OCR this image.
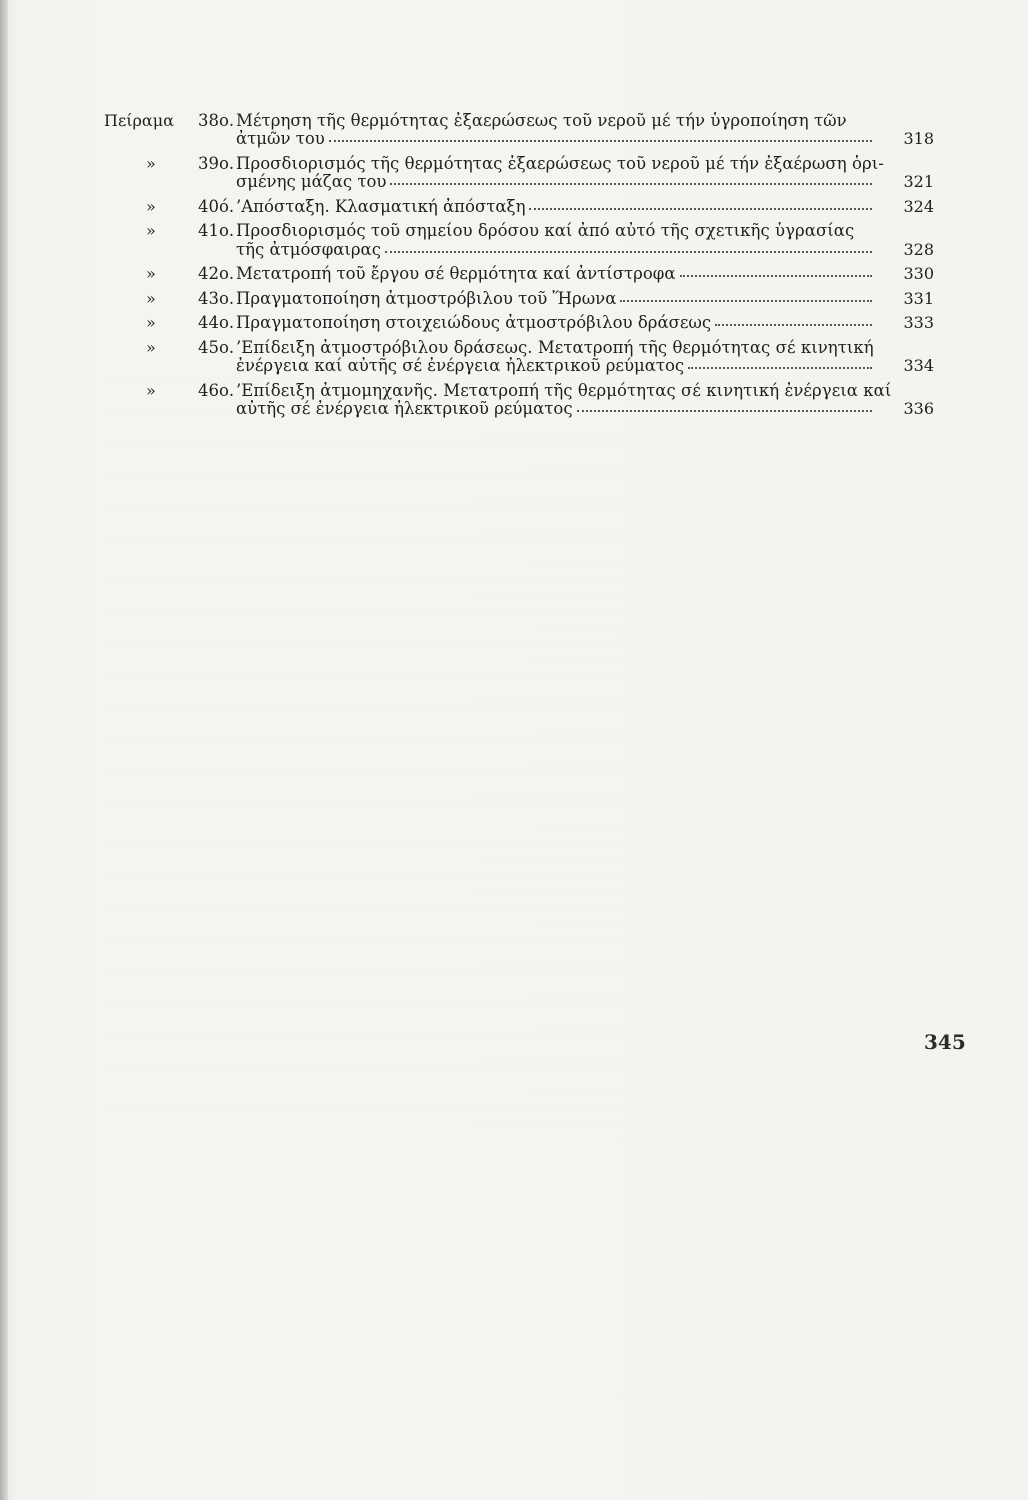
Πείραμα	38ο. Μέτρηση τῆς θερμότητας ἐξαερώσεως τοῦ νεροῦ μέ τήν ὑγροποίηση τῶν
ἀτμῶν του	318
»	39ο. Προσδιορισμός τῆς θερμότητας ἐξαερώσεως τοῦ νεροῦ μέ τήν ἐξαέρωση ὁρι-
σμένης μάζας του	321
»	40ό. ’Απόσταξη. Κλασματική ἀπόσταξη	324
»	41ο. Προσδιορισμός τοῦ σημείου δρόσου καί ἀπό αὐτό τῆς σχετικῆς ὑγρασίας
τῆς ἀτμόσφαιρας	328
»	42ο. Μετατροπή τοῦ ἔργου σέ θερμότητα καί ἀντίστροφα	330
»	43ο. Πραγματοποίηση ἀτμοστρόβιλου τοῦ Ἥρωνα	331
»	44ο. Πραγματοποίηση στοιχειώδους ἀτμοστρόβιλου δράσεως	333
»	45ο. ’Επίδειξη ἀτμοστρόβιλου δράσεως. Μετατροπή τῆς θερμότητας σέ κινητική
ἐνέργεια καί αὐτῆς σέ ἐνέργεια ἠλεκτρικοῦ ρεύματος	334
»	46ο. ’Επίδειξη ἀτμομηχανῆς. Μετατροπή τῆς θερμότητας σέ κινητική ἐνέργεια καί
αὐτῆς σέ ἐνέργεια ἠλεκτρικοῦ ρεύματος	336
345
